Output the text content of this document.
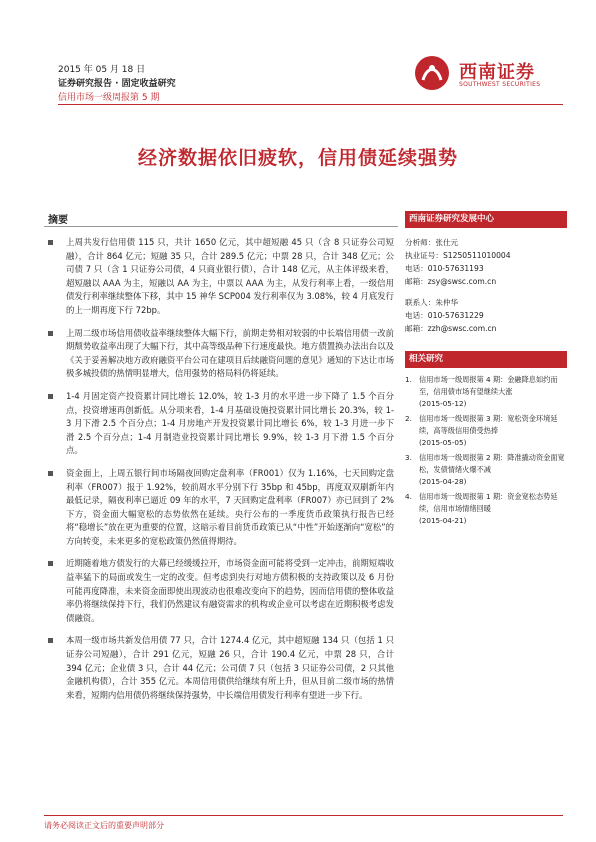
2015 年 05 月 18 日
证券研究报告 · 固定收益研究
信用市场一级周报第 5 期
西南证券
SOUTHWEST SECURITIES
经济数据依旧疲软，信用债延续强势
摘要
上周共发行信用债 115 只，共计 1650 亿元，其中超短融 45 只（含 8 只证券公司短融），合计 864 亿元；短融 35 只，合计 289.5 亿元；中票 28 只，合计 348 亿元；公司债 7 只（含 1 只证券公司债，4 只商业银行债），合计 148 亿元，从主体评级来看，超短融以 AAA 为主，短融以 AA 为主，中票以 AAA 为主，从发行利率上看，一级信用债发行利率继续整体下移，其中 15 神华 SCP004 发行利率仅为 3.08%，较 4 月底发行的上一期再度下行 72bp。
上周二级市场信用债收益率继续整体大幅下行，前期走势相对较弱的中长端信用债一改前期颓势收益率出现了大幅下行，其中高等级品种下行速度最快。地方债置换办法出台以及《关于妥善解决地方政府融资平台公司在建项目后续融资问题的意见》通知的下达让市场极多城投债的热情明显增大，信用强势的格局料仍将延续。
1-4 月固定资产投资累计同比增长 12.0%，较 1-3 月的水平进一步下降了 1.5 个百分点，投资增速再创新低。从分项来看，1-4 月基础设施投资累计同比增长 20.3%，较 1-3 月下滑 2.5 个百分点；1-4 月房地产开发投资累计同比增长 6%，较 1-3 月进一步下滑 2.5 个百分点；1-4 月制造业投资累计同比增长 9.9%，较 1-3 月下滑 1.5 个百分点。
资金面上，上周五银行间市场隔夜回购定盘利率（FR001）仅为 1.16%，七天回购定盘利率（FR007）报于 1.92%，较前周水平分别下行 35bp 和 45bp，再度双双刷新年内最低记录，隔夜利率已逼近 09 年的水平，7 天回购定盘利率（FR007）亦已回到了 2%下方，资金面大幅宽松的态势依然在延续。央行公布的一季度货币政策执行报告已经将“稳增长”放在更为重要的位置，这暗示着目前货币政策已从“中性”开始逐渐向“宽松”的方向转变，未来更多的宽松政策仍然值得期待。
近期随着地方债发行的大幕已经缓缓拉开，市场资金面可能将受到一定冲击，前期短端收益率猛下的局面或发生一定的改变。但考虑到央行对地方债积极的支持政策以及 6 月份可能再度降准，未来资金面即使出现波动也很难改变向下的趋势，因而信用债的整体收益率仍将继续保持下行，我们仍然建议有融资需求的机构或企业可以考虑在近期积极考虑发债融资。
本周一级市场共新发信用债 77 只，合计 1274.4 亿元，其中超短融 134 只（包括 1 只证券公司短融），合计 291 亿元，短融 26 只，合计 190.4 亿元，中票 28 只，合计 394 亿元；企业债 3 只，合计 44 亿元；公司债 7 只（包括 3 只证券公司债，2 只其他金融机构债），合计 355 亿元。本周信用债供给继续有所上升，但从目前二级市场的热情来看，短期内信用债仍将继续保持强势，中长端信用债发行利率有望进一步下行。
西南证券研究发展中心
分析师： 张仕元
执业证号： S1250511010004
电话： 010-57631193
邮箱： zsy@swsc.com.cn
联系人： 朱仲华
电话： 010-57631229
邮箱： zzh@swsc.com.cn
相关研究
1. 信用市场一级周报第 4 期：金融降息如约而至，信用债市场有望继续大涨
(2015-05-12)
2. 信用市场一级周报第 3 期：宽松资金环境延续，高等级信用债受热捧
(2015-05-05)
3. 信用市场一级周报第 2 期：降准撬动资金面宽松，发债情绪火爆不减
(2015-04-28)
4. 信用市场一级周报第 1 期：资金宽松态势延续，信用市场情绪回暖
(2015-04-21)
请务必阅读正文后的重要声明部分
